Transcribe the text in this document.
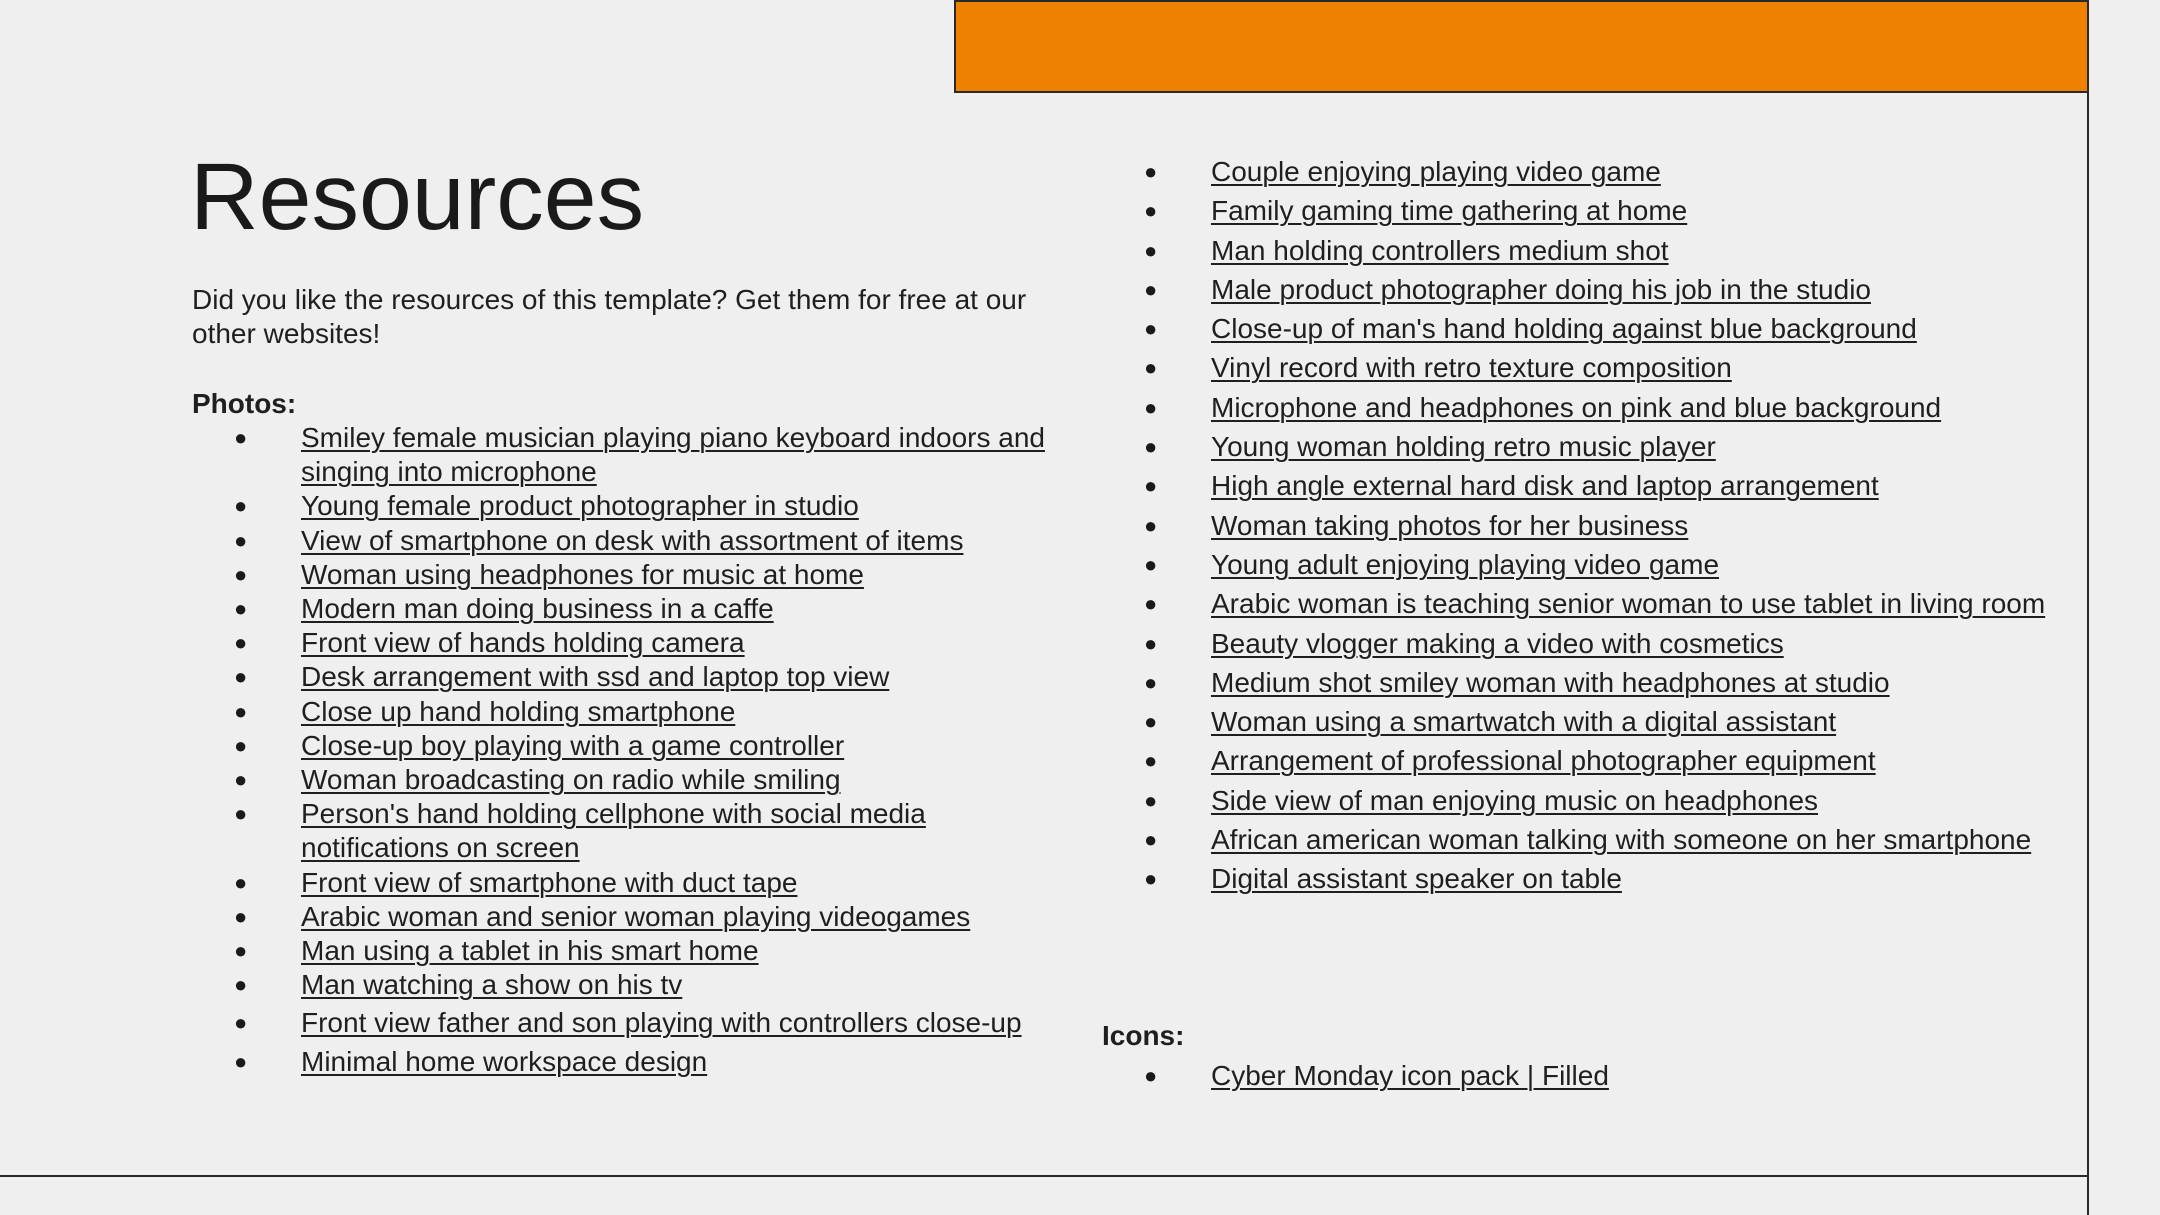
Resources

Did you like the resources of this template? Get them for free at our other websites!

Photos:

● Smiley female musician playing piano keyboard indoors and singing into microphone
● Young female product photographer in studio
● View of smartphone on desk with assortment of items
● Woman using headphones for music at home
● Modern man doing business in a caffe
● Front view of hands holding camera
● Desk arrangement with ssd and laptop top view
● Close up hand holding smartphone
● Close-up boy playing with a game controller
● Woman broadcasting on radio while smiling
● Person's hand holding cellphone with social media notifications on screen
● Front view of smartphone with duct tape
● Arabic woman and senior woman playing videogames
● Man using a tablet in his smart home
● Man watching a show on his tv
● Front view father and son playing with controllers close-up
● Minimal home workspace design
● Couple enjoying playing video game
● Family gaming time gathering at home
● Man holding controllers medium shot
● Male product photographer doing his job in the studio
● Close-up of man's hand holding against blue background
● Vinyl record with retro texture composition
● Microphone and headphones on pink and blue background
● Young woman holding retro music player
● High angle external hard disk and laptop arrangement
● Woman taking photos for her business
● Young adult enjoying playing video game
● Arabic woman is teaching senior woman to use tablet in living room
● Beauty vlogger making a video with cosmetics
● Medium shot smiley woman with headphones at studio
● Woman using a smartwatch with a digital assistant
● Arrangement of professional photographer equipment
● Side view of man enjoying music on headphones
● African american woman talking with someone on her smartphone
● Digital assistant speaker on table

Icons:

● Cyber Monday icon pack | Filled
